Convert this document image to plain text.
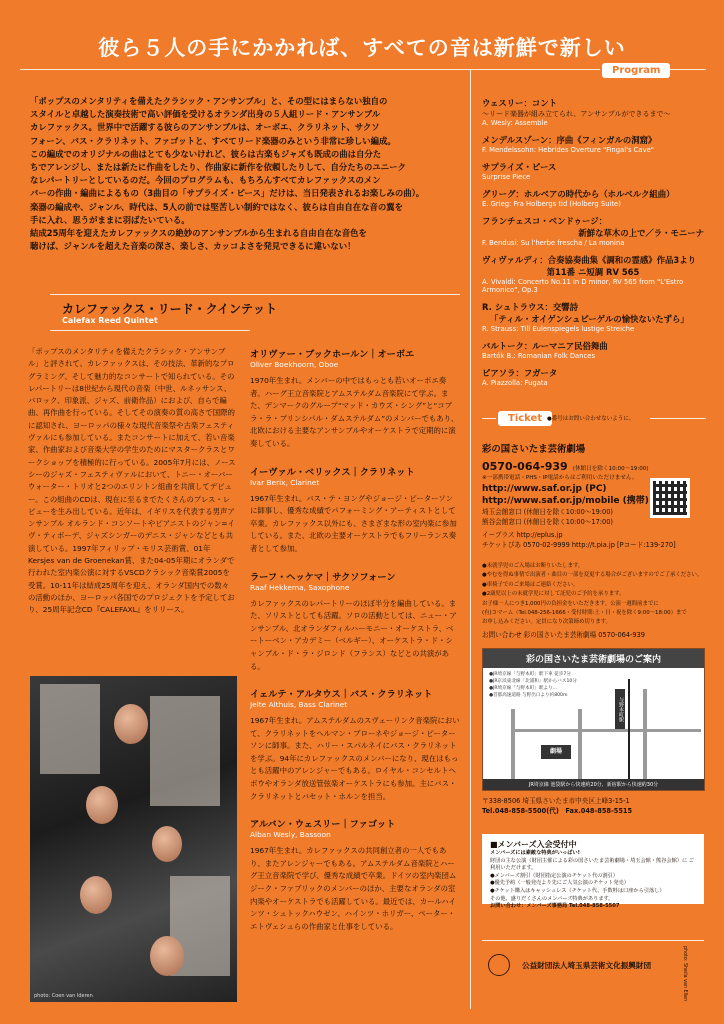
彼ら５人の手にかかれば、すべての音は新鮮で新しい
Program

「ポップスのメンタリティを備えたクラシック・アンサンブル」と、その型にはまらない独自の

スタイルと卓越した演奏技術で高い評価を受けるオランダ出身の５人組リード・アンサンブル

カレファックス。世界中で活躍する彼らのアンサンブルは、オーボエ、クラリネット、サクソ

フォーン、バス・クラリネット、ファゴットと、すべてリード楽器のみという非常に珍しい編成。

この編成でのオリジナルの曲はとても少ないけれど、彼らは古楽もジャズも既成の曲は自分た

ちでアレンジし、または新たに作曲をしたり、作曲家に新作を依頼したりして、自分たちのユニーク

なレパートリーとしているのだ。今回のプログラムも、もちろんすべてカレファックスのメン

バーの作曲・編曲によるもの（3曲目の「サプライズ・ピース」だけは、当日発表されるお楽しみの曲）。

楽器の編成や、ジャンル、時代は、5人の前では堅苦しい制約ではなく、彼らは自由自在な音の翼を

手に入れ、思うがままに羽ばたいている。

結成25周年を迎えたカレファックスの絶妙のアンサンブルから生まれる自由自在な音色を

聴けば、ジャンルを超えた音楽の深さ、楽しさ、カッコよさを発見できるに違いない！

カレファックス・リード・クインテット
Calefax Reed Quintet
「ポップスのメンタリティを備えたクラシック・アンサンブル」と評されて、カレファックスは、その技法、革新的なプログラミング、そして魅力的なコンサートで知られている。そのレパートリーは8世紀から現代の音楽（中世、ルネッサンス、バロック、印象派、ジャズ、前衛作品）におよび、自らで編曲、再作曲を行っている。そしてその演奏の質の高さで国際的に認知され、ヨーロッパの様々な現代音楽祭や古楽フェスティヴァルにも参加している。またコンサートに加えて、若い音楽家、作曲家および音楽大学の学生のためにマスタークラスとワークショップを積極的に行っている。2005年7月には、ノースシーのジャズ・フェスティヴァルにおいて、トニー・オーバーウォーター・トリオと2つのエリントン組曲を共演してデビュー。この組曲のCDは、現在に至るまでたくさんのプレス・レビューを生み出している。近年は、イギリスを代表する男声アンサンブル オルランド・コンソートやピアニストのジャン=イヴ・ティボーデ、ジャズシンガーのデニス・ジャンなどとも共演している。1997年フィリップ・モリス芸術賞、01年Kersjes van de Groenekan賞、また04-05年期にオランダで行われた室内楽公演に対するVSCDクラシック音楽賞2005を受賞。10-11年は結成25周年を迎え、オランダ国内での数々の活動のほか、ヨーロッパ各国でのプロジェクトを予定しており、25周年記念CD『CALEFAXL』をリリース。
オリヴァー・ブックホールン｜オーボエ
Oliver Boekhoorn, Oboe

1970年生まれ。メンバーの中ではもっとも若いオーボエ奏者。ハーグ王立音楽院とアムステルダム音楽院にて学ぶ。また、デンマークのグループ“マッド・カウズ・シング”と“コブラ・ラ・プリンシパル・ダムステルダム”のメンバーでもあり、北欧における主要なアンサンブルやオーケストラで定期的に演奏している。

イーヴァル・ベリックス｜クラリネット
Ivar Berix, Clarinet

1967年生まれ。バス・テ・ヨングやジョージ・ピーターソンに師事し、優秀な成績でパフォーミング・アーティストとして卒業。カレファックス以外にも、さまざまな形の室内楽に参加している。また、北欧の主要オーケストラでもフリーランス奏者として参加。

ラーフ・ヘッケマ｜サクソフォーン
Raaf Hekkema, Saxophone

カレファックスのレパートリーのほぼ半分を編曲している。また、ソリストとしても活躍。ソロの活動としては、ニュー・アンサンブル、北オランダフィルハーモニー・オーケストラ、ベートーベン・アカデミー（ベルギー）、オーケストラ・ド・シャンブル・ド・ラ・ジロンド（フランス）などとの共演がある。

イェルテ・アルタウス｜バス・クラリネット
Jelte Althuis, Bass Clarinet

1967年生まれ。アムステルダムのスヴェーリンク音楽院において、クラリネットをヘルマン・ブローネやジョージ・ピーターソンに師事。また、ハリー・スパルネイにバス・クラリネットを学ぶ。94年にカレファックスのメンバーになり、現在はもっとも活躍中のアレンジャーでもある。ロイヤル・コンセルトヘボウやオランダ放送管弦楽オーケストラにも参加。主にバス・クラリネットとバセット・ホルンを担当。

アルバン・ウェスリー｜ファゴット
Alban Wesly, Bassoon

1967年生まれ。カレファックスの共同創立者の一人でもあり、またアレンジャーでもある。アムステルダム音楽院とハーグ王立音楽院で学び、優秀な成績で卒業。ドイツの室内楽団ムジーク・ファブリックのメンバーのほか、主要なオランダの室内楽やオーケストラでも活躍している。最近では、カールハインツ・シュトックハウゼン、ハインツ・ホリガー、ペーター・エトヴェシュらの作曲家と仕事をしている。

photo: Coen van Ideren
ウェスリー：コント
〜リード楽器が組み立てられ、アンサンブルができるまで〜
A. Wesly: Assemble
メンデルスゾーン：序曲《フィンガルの洞窟》
F. Mendelssohn: Hebrides Overture "Fingal's Cave"
サプライズ・ピース
Surprise Piece
グリーグ：ホルベアの時代から（ホルベルク組曲）
E. Grieg: Fra Holbergs tid (Holberg Suite)
フランチェスコ・ベンドゥージ：
新鮮な草木の上で／ラ・モニーナ
F. Bendusi: Su l'herbe frescha / La monina
ヴィヴァルディ：合奏協奏曲集《調和の霊感》作品3より
第11番 ニ短調 RV 565
A. Vivaldi: Concerto No.11 in D minor, RV 565 from "L'Estro Armonico", Op.3
R. シュトラウス：交響詩
「ティル・オイゲンシュピーゲルの愉快ないたずら」
R. Strauss: Till Eulenspiegels lustige Streiche
バルトーク：ルーマニア民俗舞曲
Bartók B.: Romanian Folk Dances
ピアソラ：フガータ
A. Piazzolla: Fugata
Ticket ●番号はお問い合わせないように。
彩の国さいたま芸術劇場
0570-064-939 (休館日を除く10:00〜19:00)
※一部携帯電話・PHS・IP電話からはご利用いただけません。
http://www.saf.or.jp (PC)
http://www.saf.or.jp/mobile (携帯)
埼玉会館窓口 (休館日を除く10:00〜19:00)
熊谷会館窓口 (休館日を除く10:00〜17:00)
イープラス http://eplus.jp
チケットぴあ 0570-02-9999 http://t.pia.jp [Pコード:139-270]
●未就学児のご入場はお断りいたします。
●やむを得ぬ事情で出演者・曲目の一部を変更する場合がございますのでご了承ください。
●車椅子でのご来場はご連絡ください。
●2歳児以上の未就学児に対して託児のご予約を承ります。
お子様一人につき1,000円の負担金をいただきます。公演一週間前までに
(有)コマーム（Tel.048-256-1666・受付時間:土・日・祝を除く9:00〜18:00）まで
お申し込みください。定員になり次第締め切ります。
お問い合わせ 彩の国さいたま芸術劇場 0570-064-939
彩の国さいたま芸術劇場のご案内
●JR埼京線「与野本町」駅下車 徒歩7分
●JR京浜東北線「北浦和」駅からバス10分
●JR埼京線「与野本町」駅より…
●首都高速道路 与野出口より約800m
与野本町駅
劇場
JR埼京線 池袋駅から快速約20分、新宿駅から快速約30分
〒338-8506 埼玉県さいたま市中央区上峰3-15-1
Tel.048-858-5500(代)　Fax.048-858-5515
■メンバーズ入会受付中
メンバーズには素敵な特典がいっぱい!
財団の主な公演（財団主催による彩の国さいたま芸術劇場・埼玉会館・熊谷会館）に ご利用いただけます。
●メンバーズ割引（財団指定公演のチケット代の割引）
●優先予約（一般発売より先にご人気公演のチケット発売）
●チケット購入はキャッシュレス（チケット代、手数料は口座から引落し）
その他、盛りだくさんのメンバーズ特典があります。
お問い合わせ：メンバーズ事務局 Tel.048-858-5507
公益財団法人埼玉県芸術文化振興財団	photo: Sheila van Ellen
